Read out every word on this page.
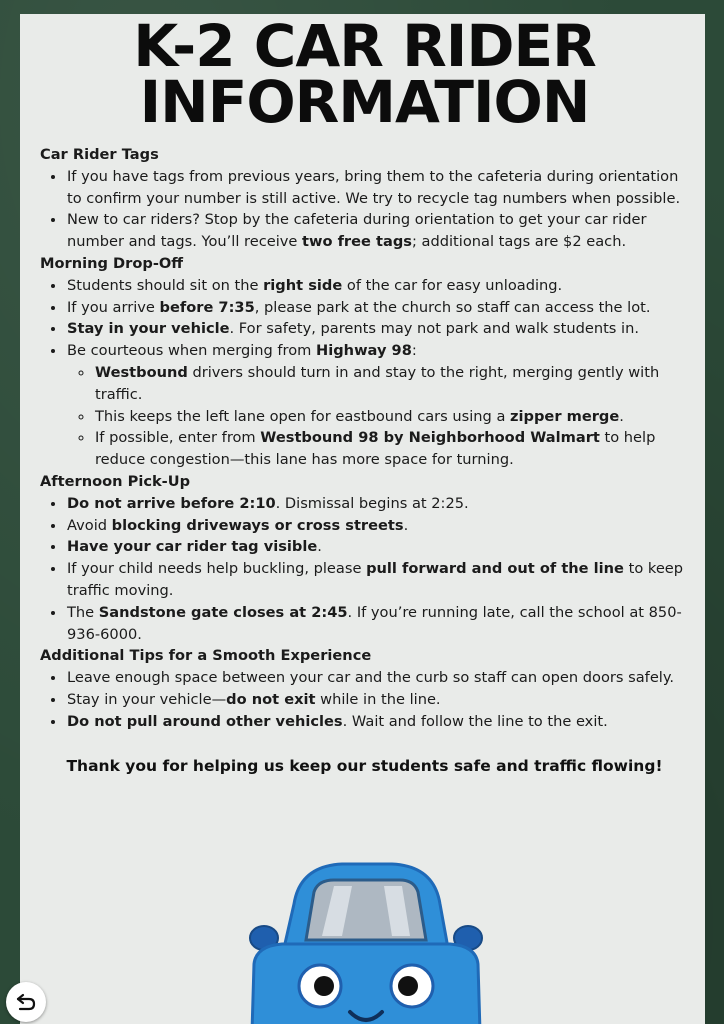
K-2 CAR RIDER
INFORMATION
Car Rider Tags
• If you have tags from previous years, bring them to the cafeteria during orientation to confirm your number is still active. We try to recycle tag numbers when possible.
• New to car riders? Stop by the cafeteria during orientation to get your car rider number and tags. You’ll receive two free tags; additional tags are $2 each.
Morning Drop-Off
• Students should sit on the right side of the car for easy unloading.
• If you arrive before 7:35, please park at the church so staff can access the lot.
• Stay in your vehicle. For safety, parents may not park and walk students in.
• Be courteous when merging from Highway 98:
◦ Westbound drivers should turn in and stay to the right, merging gently with traffic.
◦ This keeps the left lane open for eastbound cars using a zipper merge.
◦ If possible, enter from Westbound 98 by Neighborhood Walmart to help reduce congestion—this lane has more space for turning.
Afternoon Pick-Up
• Do not arrive before 2:10. Dismissal begins at 2:25.
• Avoid blocking driveways or cross streets.
• Have your car rider tag visible.
• If your child needs help buckling, please pull forward and out of the line to keep traffic moving.
• The Sandstone gate closes at 2:45. If you’re running late, call the school at 850-936-6000.
Additional Tips for a Smooth Experience
• Leave enough space between your car and the curb so staff can open doors safely.
• Stay in your vehicle—do not exit while in the line.
• Do not pull around other vehicles. Wait and follow the line to the exit.
Thank you for helping us keep our students safe and traffic flowing!
